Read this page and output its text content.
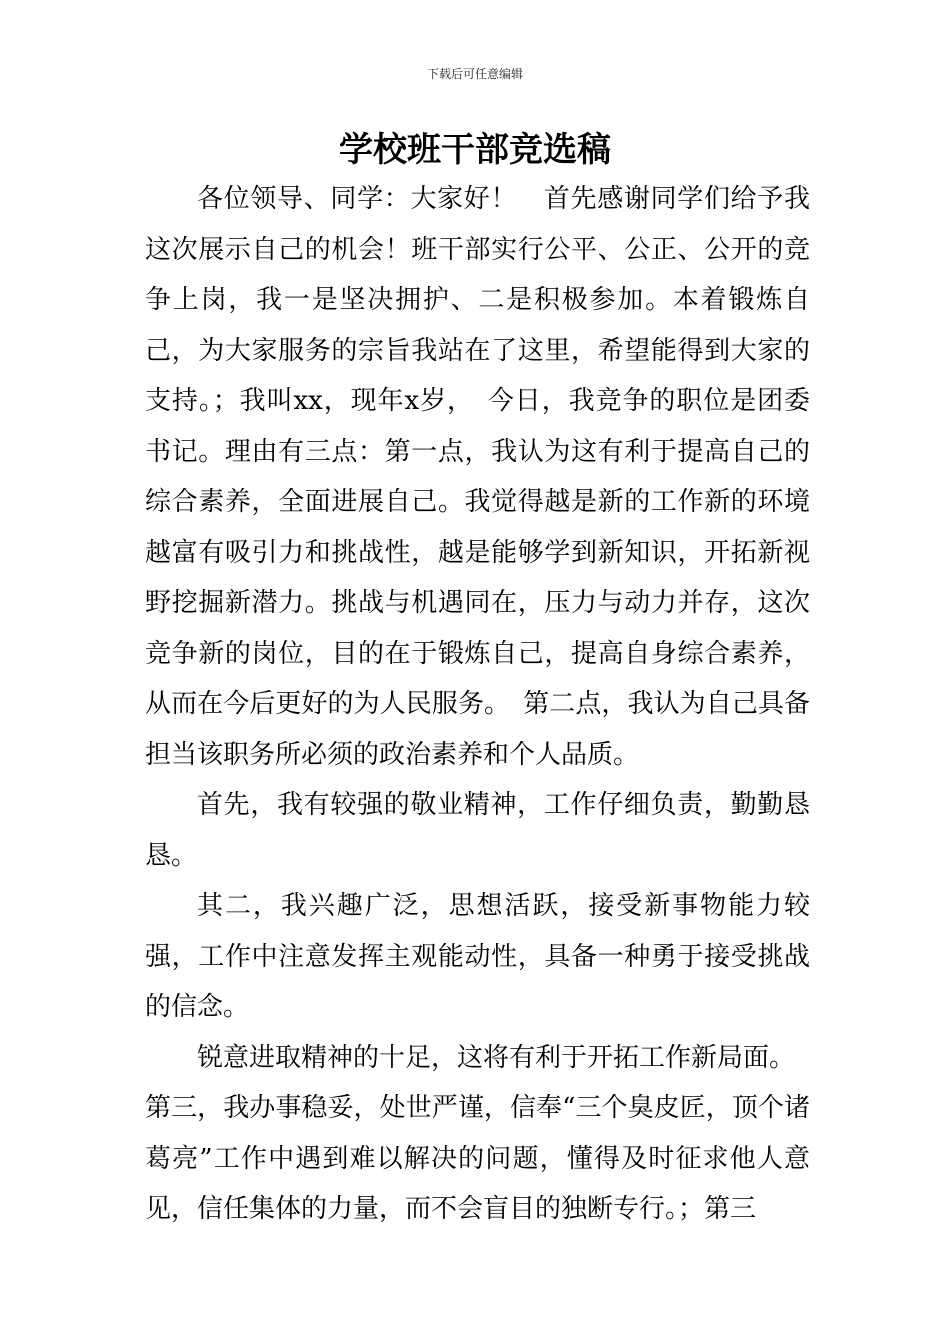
下载后可任意编辑
学校班干部竞选稿

各位领导、同学：大家好！　首先感谢同学们给予我这次展示自己的机会！班干部实行公平、公正、公开的竞争上岗，我一是坚决拥护、二是积极参加。本着锻炼自己，为大家服务的宗旨我站在了这里，希望能得到大家的支持。；我叫xx，现年x岁，　今日，我竞争的职位是团委书记。理由有三点：第一点，我认为这有利于提高自己的综合素养，全面进展自己。我觉得越是新的工作新的环境越富有吸引力和挑战性，越是能够学到新知识，开拓新视野挖掘新潜力。挑战与机遇同在，压力与动力并存，这次竞争新的岗位，目的在于锻炼自己，提高自身综合素养，从而在今后更好的为人民服务。　第二点，我认为自己具备担当该职务所必须的政治素养和个人品质。

首先，我有较强的敬业精神，工作仔细负责，勤勤恳恳。

其二，我兴趣广泛，思想活跃，接受新事物能力较强，工作中注意发挥主观能动性，具备一种勇于接受挑战的信念。

锐意进取精神的十足，这将有利于开拓工作新局面。

第三，我办事稳妥，处世严谨，信奉“三个臭皮匠，顶个诸葛亮”工作中遇到难以解决的问题，懂得及时征求他人意见，信任集体的力量，而不会盲目的独断专行。；第三
